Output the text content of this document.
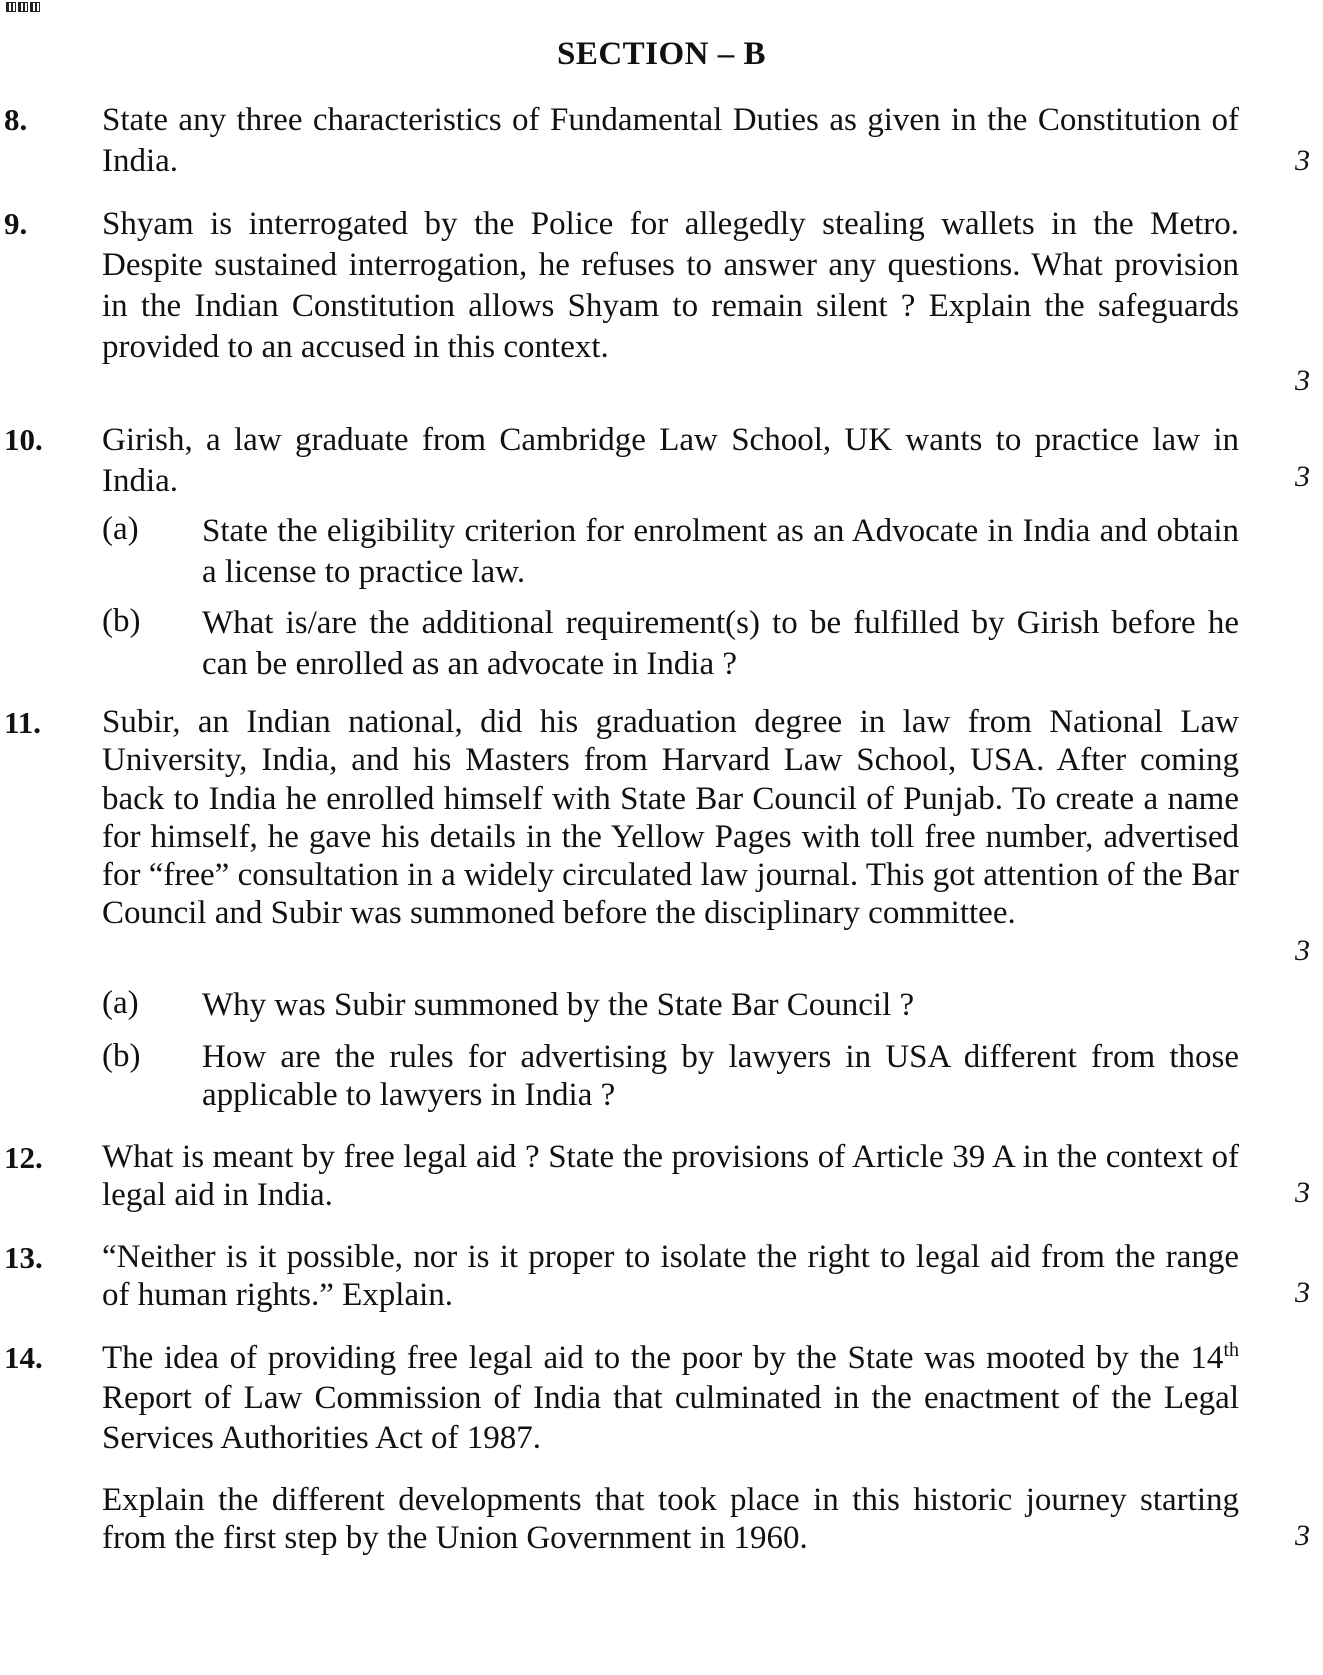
SECTION – B
8. State any three characteristics of Fundamental Duties as given in the Constitution of India.	3
9. Shyam is interrogated by the Police for allegedly stealing wallets in the Metro. Despite sustained interrogation, he refuses to answer any questions. What provision in the Indian Constitution allows Shyam to remain silent ? Explain the safeguards provided to an accused in this context.

3
10. Girish, a law graduate from Cambridge Law School, UK wants to practice law in India.	3
(a) State the eligibility criterion for enrolment as an Advocate in India and obtain a license to practice law.

(b) What is/are the additional requirement(s) to be fulfilled by Girish before he can be enrolled as an advocate in India ?

11. Subir, an Indian national, did his graduation degree in law from National Law University, India, and his Masters from Harvard Law School, USA. After coming back to India he enrolled himself with State Bar Council of Punjab. To create a name for himself, he gave his details in the Yellow Pages with toll free number, advertised for “free” consultation in a widely circulated law journal. This got attention of the Bar Council and Subir was summoned before the disciplinary committee.

3
(a) Why was Subir summoned by the State Bar Council ?

(b) How are the rules for advertising by lawyers in USA different from those applicable to lawyers in India ?

12. What is meant by free legal aid ? State the provisions of Article 39 A in the context of legal aid in India.	3
13. “Neither is it possible, nor is it proper to isolate the right to legal aid from the range of human rights.” Explain.	3
14. The idea of providing free legal aid to the poor by the State was mooted by the 14th Report of Law Commission of India that culminated in the enactment of the Legal Services Authorities Act of 1987.

Explain the different developments that took place in this historic journey starting from the first step by the Union Government in 1960.	3
